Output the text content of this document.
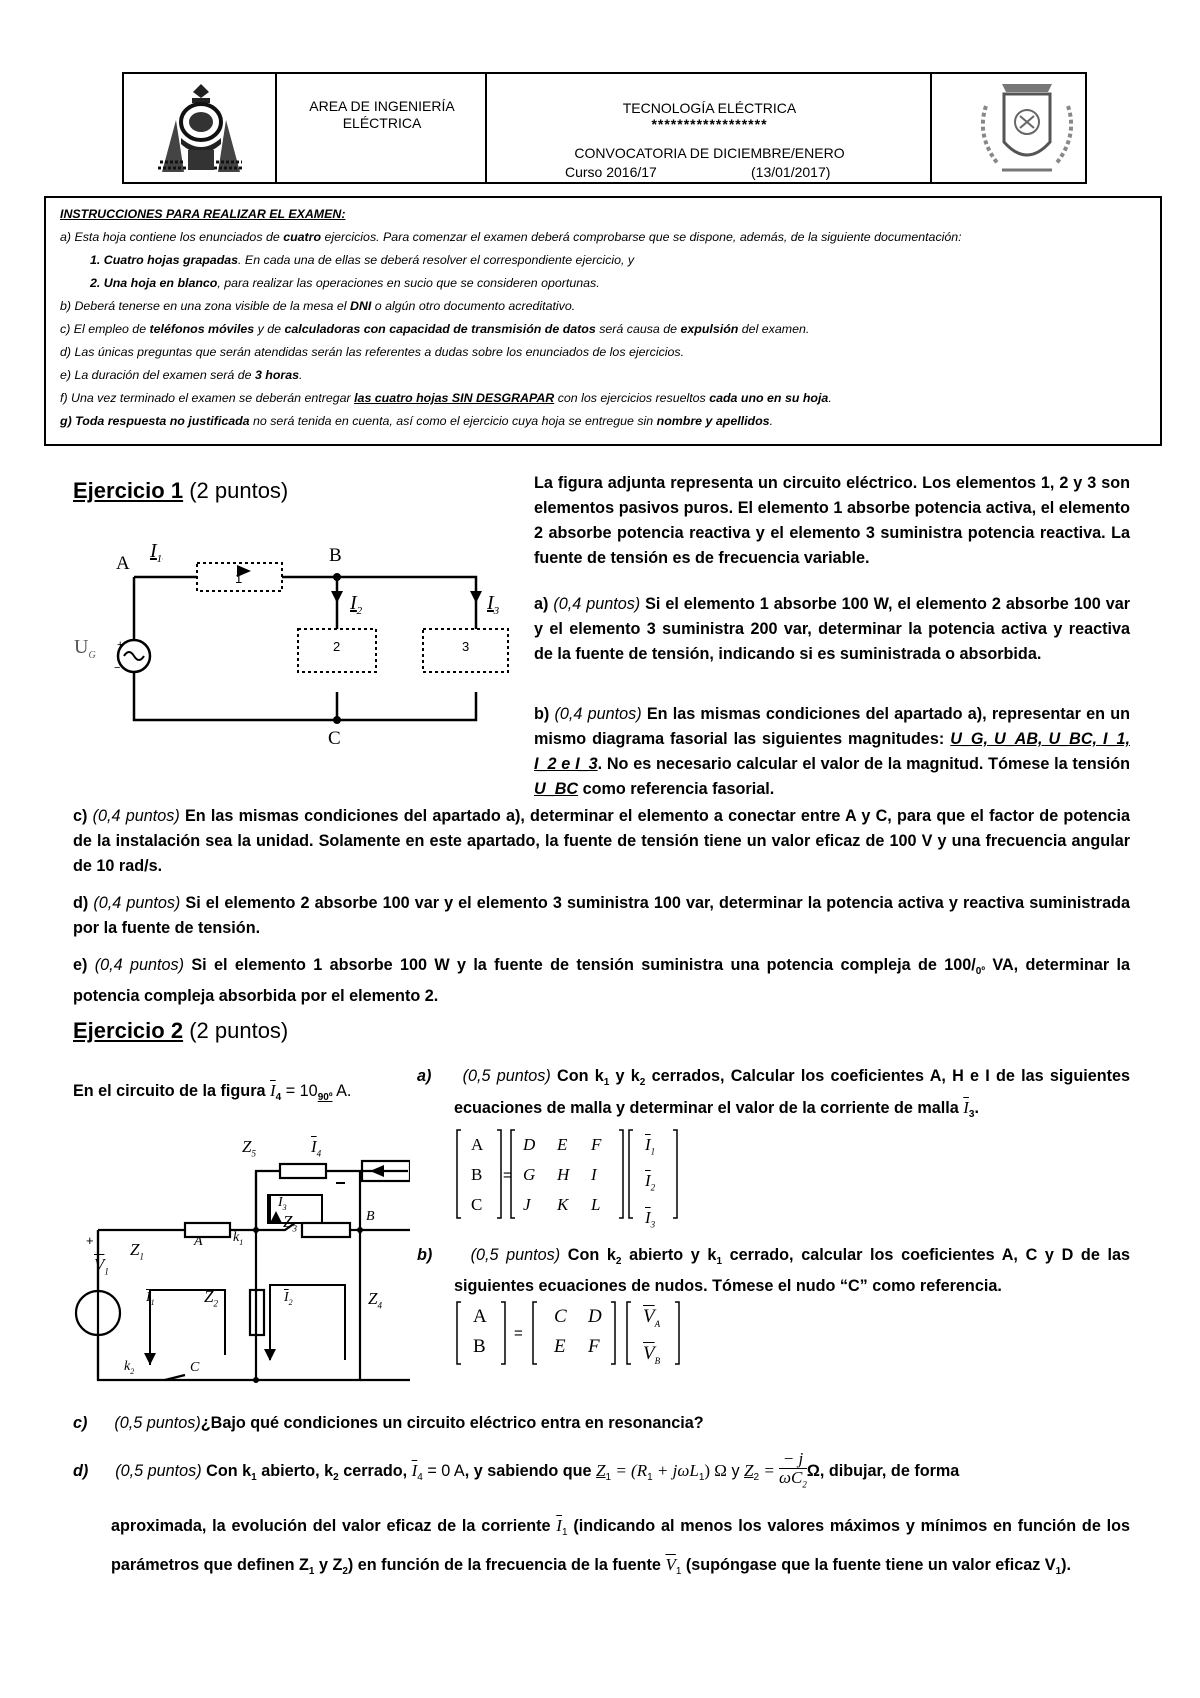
AREA DE INGENIERÍA ELÉCTRICA
TECNOLOGÍA ELÉCTRICA
******************
CONVOCATORIA DE DICIEMBRE/ENERO
Curso 2016/17	(13/01/2017)
INSTRUCCIONES PARA REALIZAR EL EXAMEN:
a) Esta hoja contiene los enunciados de cuatro ejercicios. Para comenzar el examen deberá comprobarse que se dispone, además, de la siguiente documentación:
1. Cuatro hojas grapadas. En cada una de ellas se deberá resolver el correspondiente ejercicio, y
2. Una hoja en blanco, para realizar las operaciones en sucio que se consideren oportunas.
b) Deberá tenerse en una zona visible de la mesa el DNI o algún otro documento acreditativo.
c) El empleo de teléfonos móviles y de calculadoras con capacidad de transmisión de datos será causa de expulsión del examen.
d) Las únicas preguntas que serán atendidas serán las referentes a dudas sobre los enunciados de los ejercicios.
e) La duración del examen será de 3 horas.
f) Una vez terminado el examen se deberán entregar las cuatro hojas SIN DESGRAPAR con los ejercicios resueltos cada uno en su hoja.
g) Toda respuesta no justificada no será tenida en cuenta, así como el ejercicio cuya hoja se entregue sin nombre y apellidos.
Ejercicio 1 (2 puntos)
+
−
A	B
C
$I_1$
$I_2$	$I_3$
1
2	3
$U_G$
La figura adjunta representa un circuito eléctrico. Los elementos 1, 2 y 3 son elementos pasivos puros. El elemento 1 absorbe potencia activa, el elemento 2 absorbe potencia reactiva y el elemento 3 suministra potencia reactiva. La fuente de tensión es de frecuencia variable.
a) (0,4 puntos) Si el elemento 1 absorbe 100 W, el elemento 2 absorbe 100 var y el elemento 3 suministra 200 var, determinar la potencia activa y reactiva de la fuente de tensión, indicando si es suministrada o absorbida.
b) (0,4 puntos) En las mismas condiciones del apartado a), representar en un mismo diagrama fasorial las siguientes magnitudes: U_G, U_AB, U_BC, I_1, I_2 e I_3. No es necesario calcular el valor de la magnitud. Tómese la tensión U_BC como referencia fasorial.
c) (0,4 puntos) En las mismas condiciones del apartado a), determinar el elemento a conectar entre A y C, para que el factor de potencia de la instalación sea la unidad. Solamente en este apartado, la fuente de tensión tiene un valor eficaz de 100 V y una frecuencia angular de 10 rad/s.
d) (0,4 puntos) Si el elemento 2 absorbe 100 var y el elemento 3 suministra 100 var, determinar la potencia activa y reactiva suministrada por la fuente de tensión.
e) (0,4 puntos) Si el elemento 1 absorbe 100 W y la fuente de tensión suministra una potencia compleja de $100/_{0º}$ VA, determinar la potencia compleja absorbida por el elemento 2.
Ejercicio 2 (2 puntos)
En el circuito de la figura $\overline{I}_4 = 10_{90º}$ A.
$\overline{V}_1$
+ $Z_1$
$Z_2$
$Z_3$
$Z_4$
$Z_5$	$\overline{I}_4$
$\overline{I}_3$
$\overline{I}_1$	$\overline{I}_2$
A
B
C
$k_1$
$k_2$
a) (0,5 puntos) Con $k_1$ y $k_2$ cerrados, Calcular los coeficientes A, H e I de las siguientes ecuaciones de malla y determinar el valor de la corriente de malla $\overline{I}_3$.
=
A
B
C
D E F
G H I
J K L
$\overline{I}_1$
$\overline{I}_2$
$\overline{I}_3$
b) (0,5 puntos) Con $k_2$ abierto y $k_1$ cerrado, calcular los coeficientes A, C y D de las siguientes ecuaciones de nudos. Tómese el nudo “C” como referencia.
=
A
B
C D
E F
$\overline{V}_A$
$\overline{V}_B$
c) (0,5 puntos)¿Bajo qué condiciones un circuito eléctrico entra en resonancia?
d) (0,5 puntos) Con $k_1$ abierto, $k_2$ cerrado, $\overline{I}_4 = 0$ A, y sabiendo que $Z_1 = (R_1 + j\omega L_1)$ Ω y $Z_2 = \frac{- j}{\omega C_2} \Omega$, dibujar, de forma
aproximada, la evolución del valor eficaz de la corriente $\overline{I}_1$ (indicando al menos los valores máximos y mínimos en función de los parámetros que definen $Z_1$ y $Z_2$) en función de la frecuencia de la fuente $\overline{V}_1$ (supóngase que la fuente tiene un valor eficaz $V_1$).
